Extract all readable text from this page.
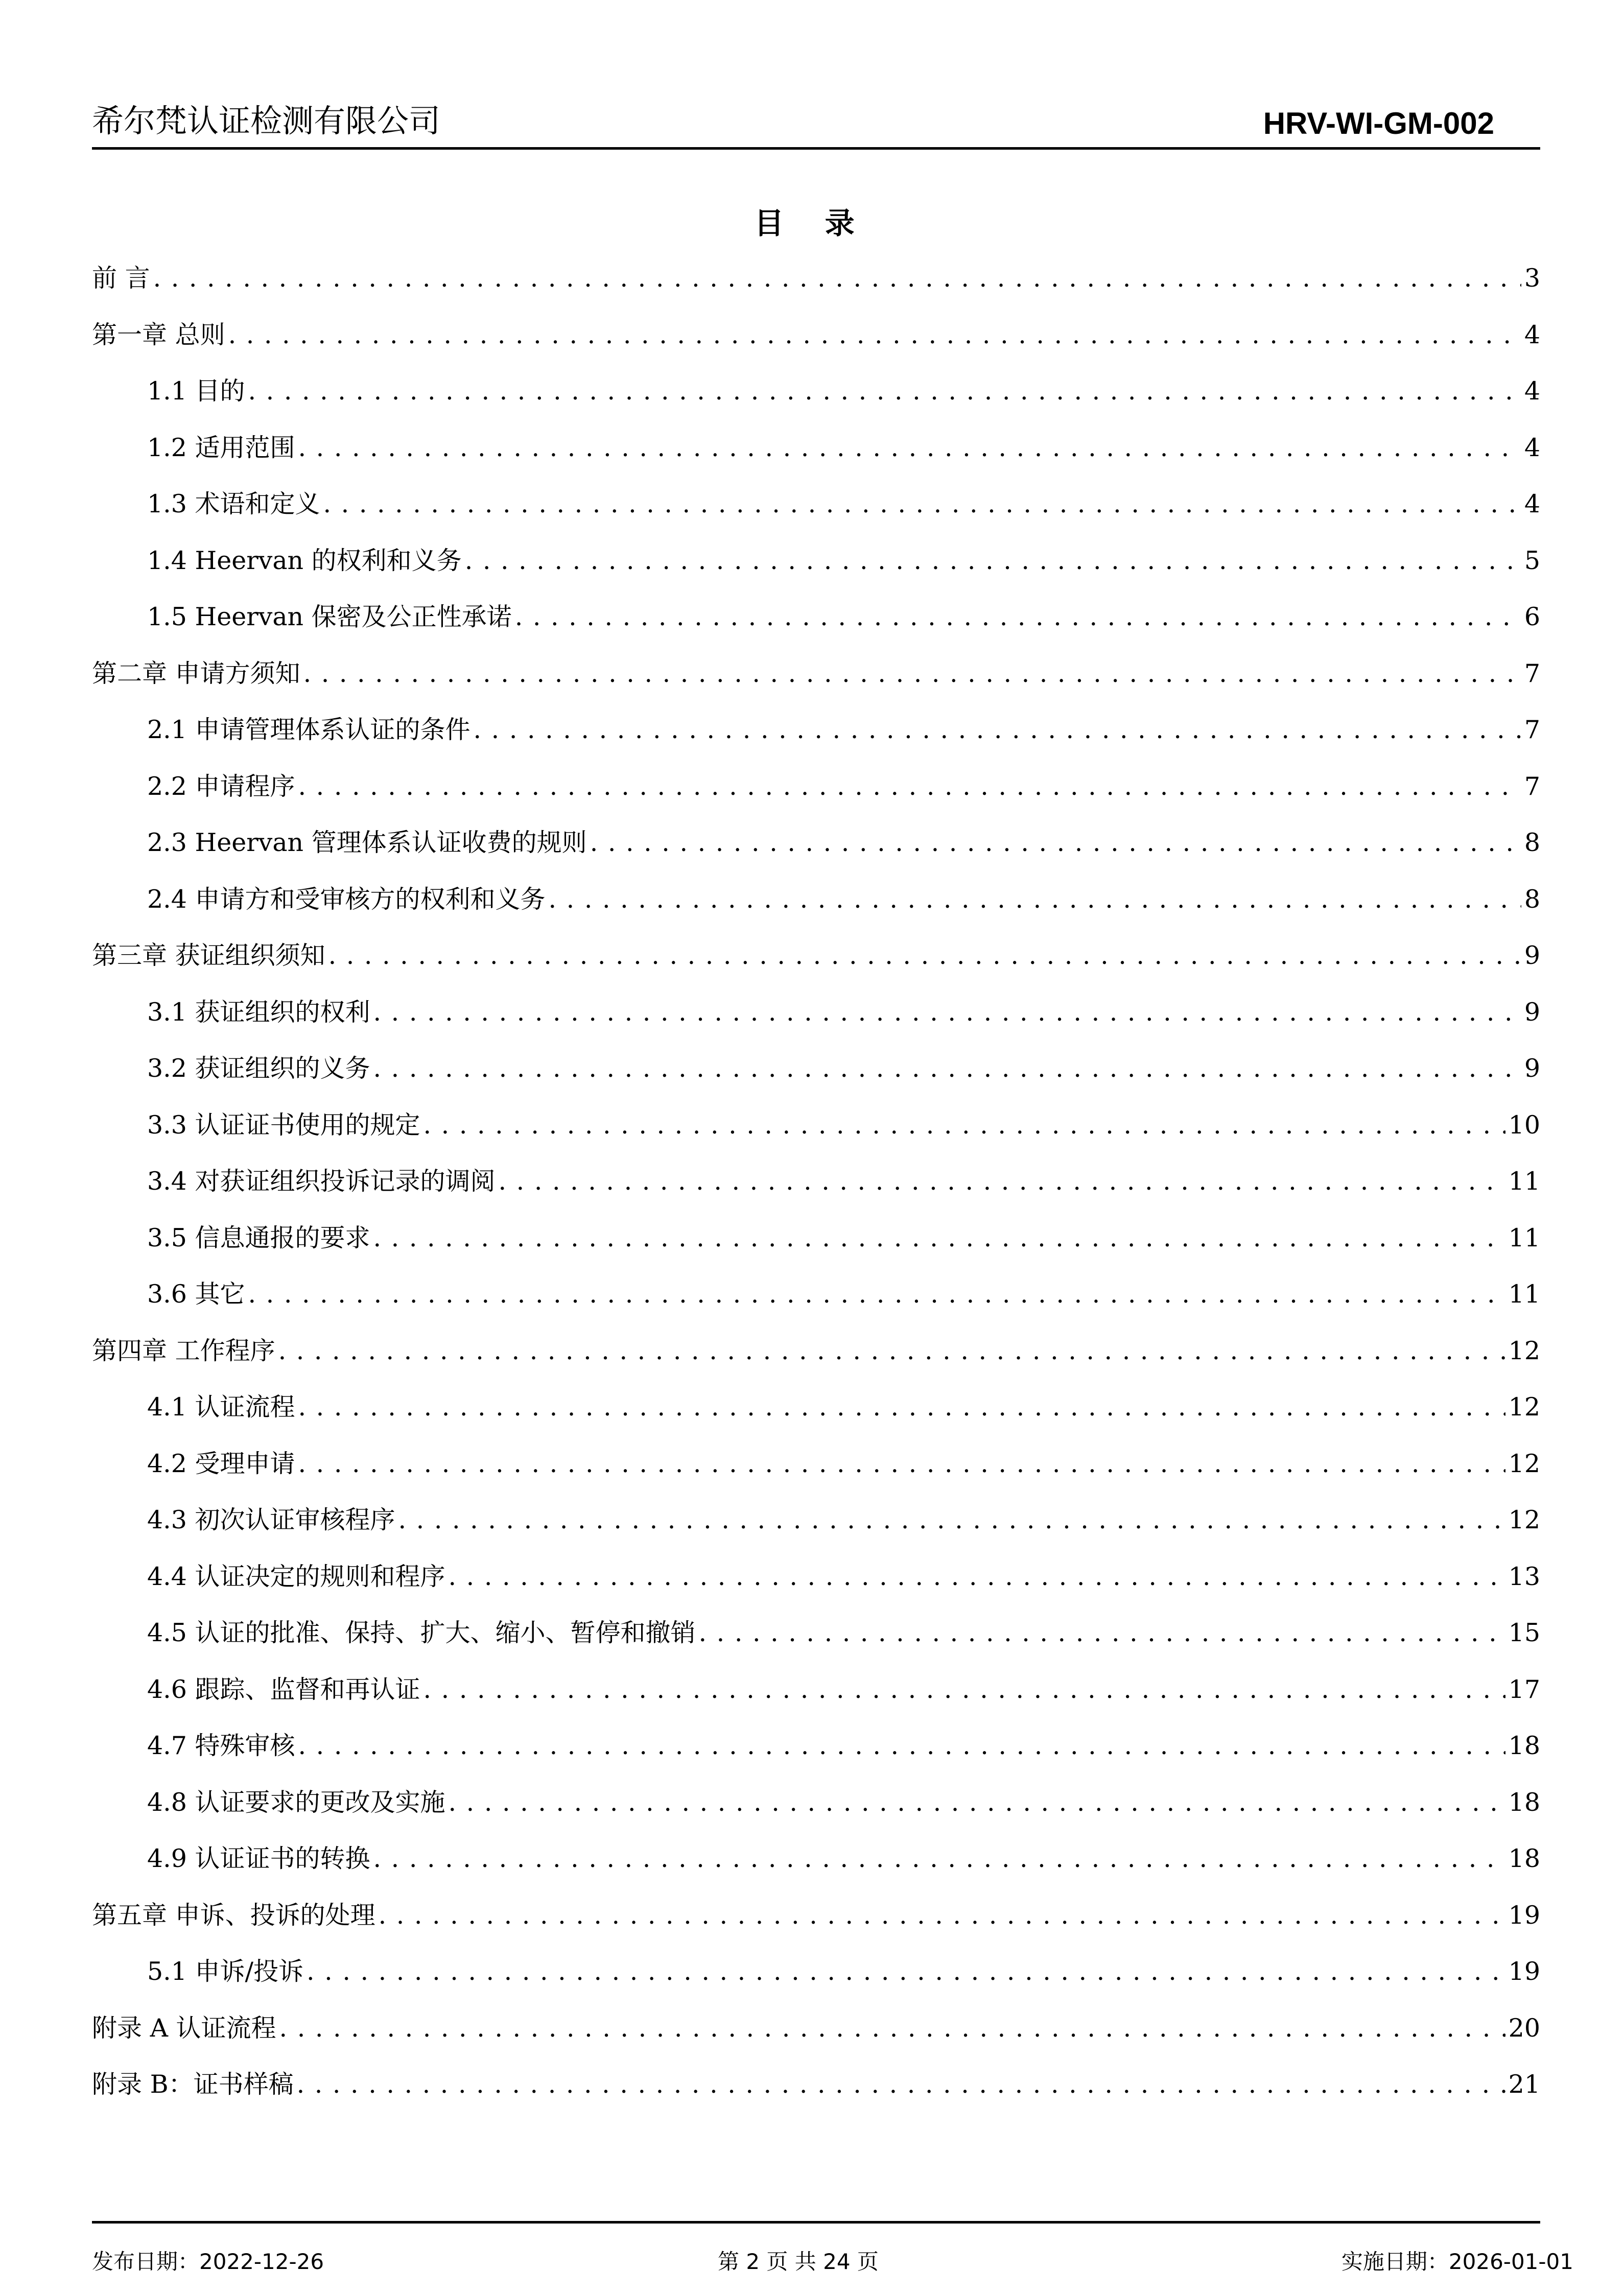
希尔梵认证检测有限公司	HRV-WI-GM-002
目 录
前 言 . . .	3
第一章 总则 . . .	4
1.1 目的 . . .	4
1.2 适用范围 . . .	4
1.3 术语和定义 . . .	4
1.4 Heervan 的权利和义务 . . .	5
1.5 Heervan 保密及公正性承诺 . . .	6
第二章 申请方须知 . . .	7
2.1 申请管理体系认证的条件 . . .	7
2.2 申请程序 . . .	7
2.3 Heervan 管理体系认证收费的规则 . . .	8
2.4 申请方和受审核方的权利和义务 . . .	8
第三章 获证组织须知 . . .	9
3.1 获证组织的权利 . . .	9
3.2 获证组织的义务 . . .	9
3.3 认证证书使用的规定 . . .	10
3.4 对获证组织投诉记录的调阅 . . .	11
3.5 信息通报的要求 . . .	11
3.6 其它 . . .	11
第四章 工作程序 . . .	12
4.1 认证流程 . . .	12
4.2 受理申请 . . .	12
4.3 初次认证审核程序 . . .	12
4.4 认证决定的规则和程序 . . .	13
4.5 认证的批准、保持、扩大、缩小、暂停和撤销 . . .	15
4.6 跟踪、监督和再认证 . . .	17
4.7 特殊审核 . . .	18
4.8 认证要求的更改及实施 . . .	18
4.9 认证证书的转换 . . .	18
第五章 申诉、投诉的处理 . . .	19
5.1 申诉/投诉 . . .	19
附录 A 认证流程 . . .	20
附录 B：证书样稿 . . .	21
发布日期：2022-12-26	第 2 页 共 24 页	实施日期：2026-01-01
